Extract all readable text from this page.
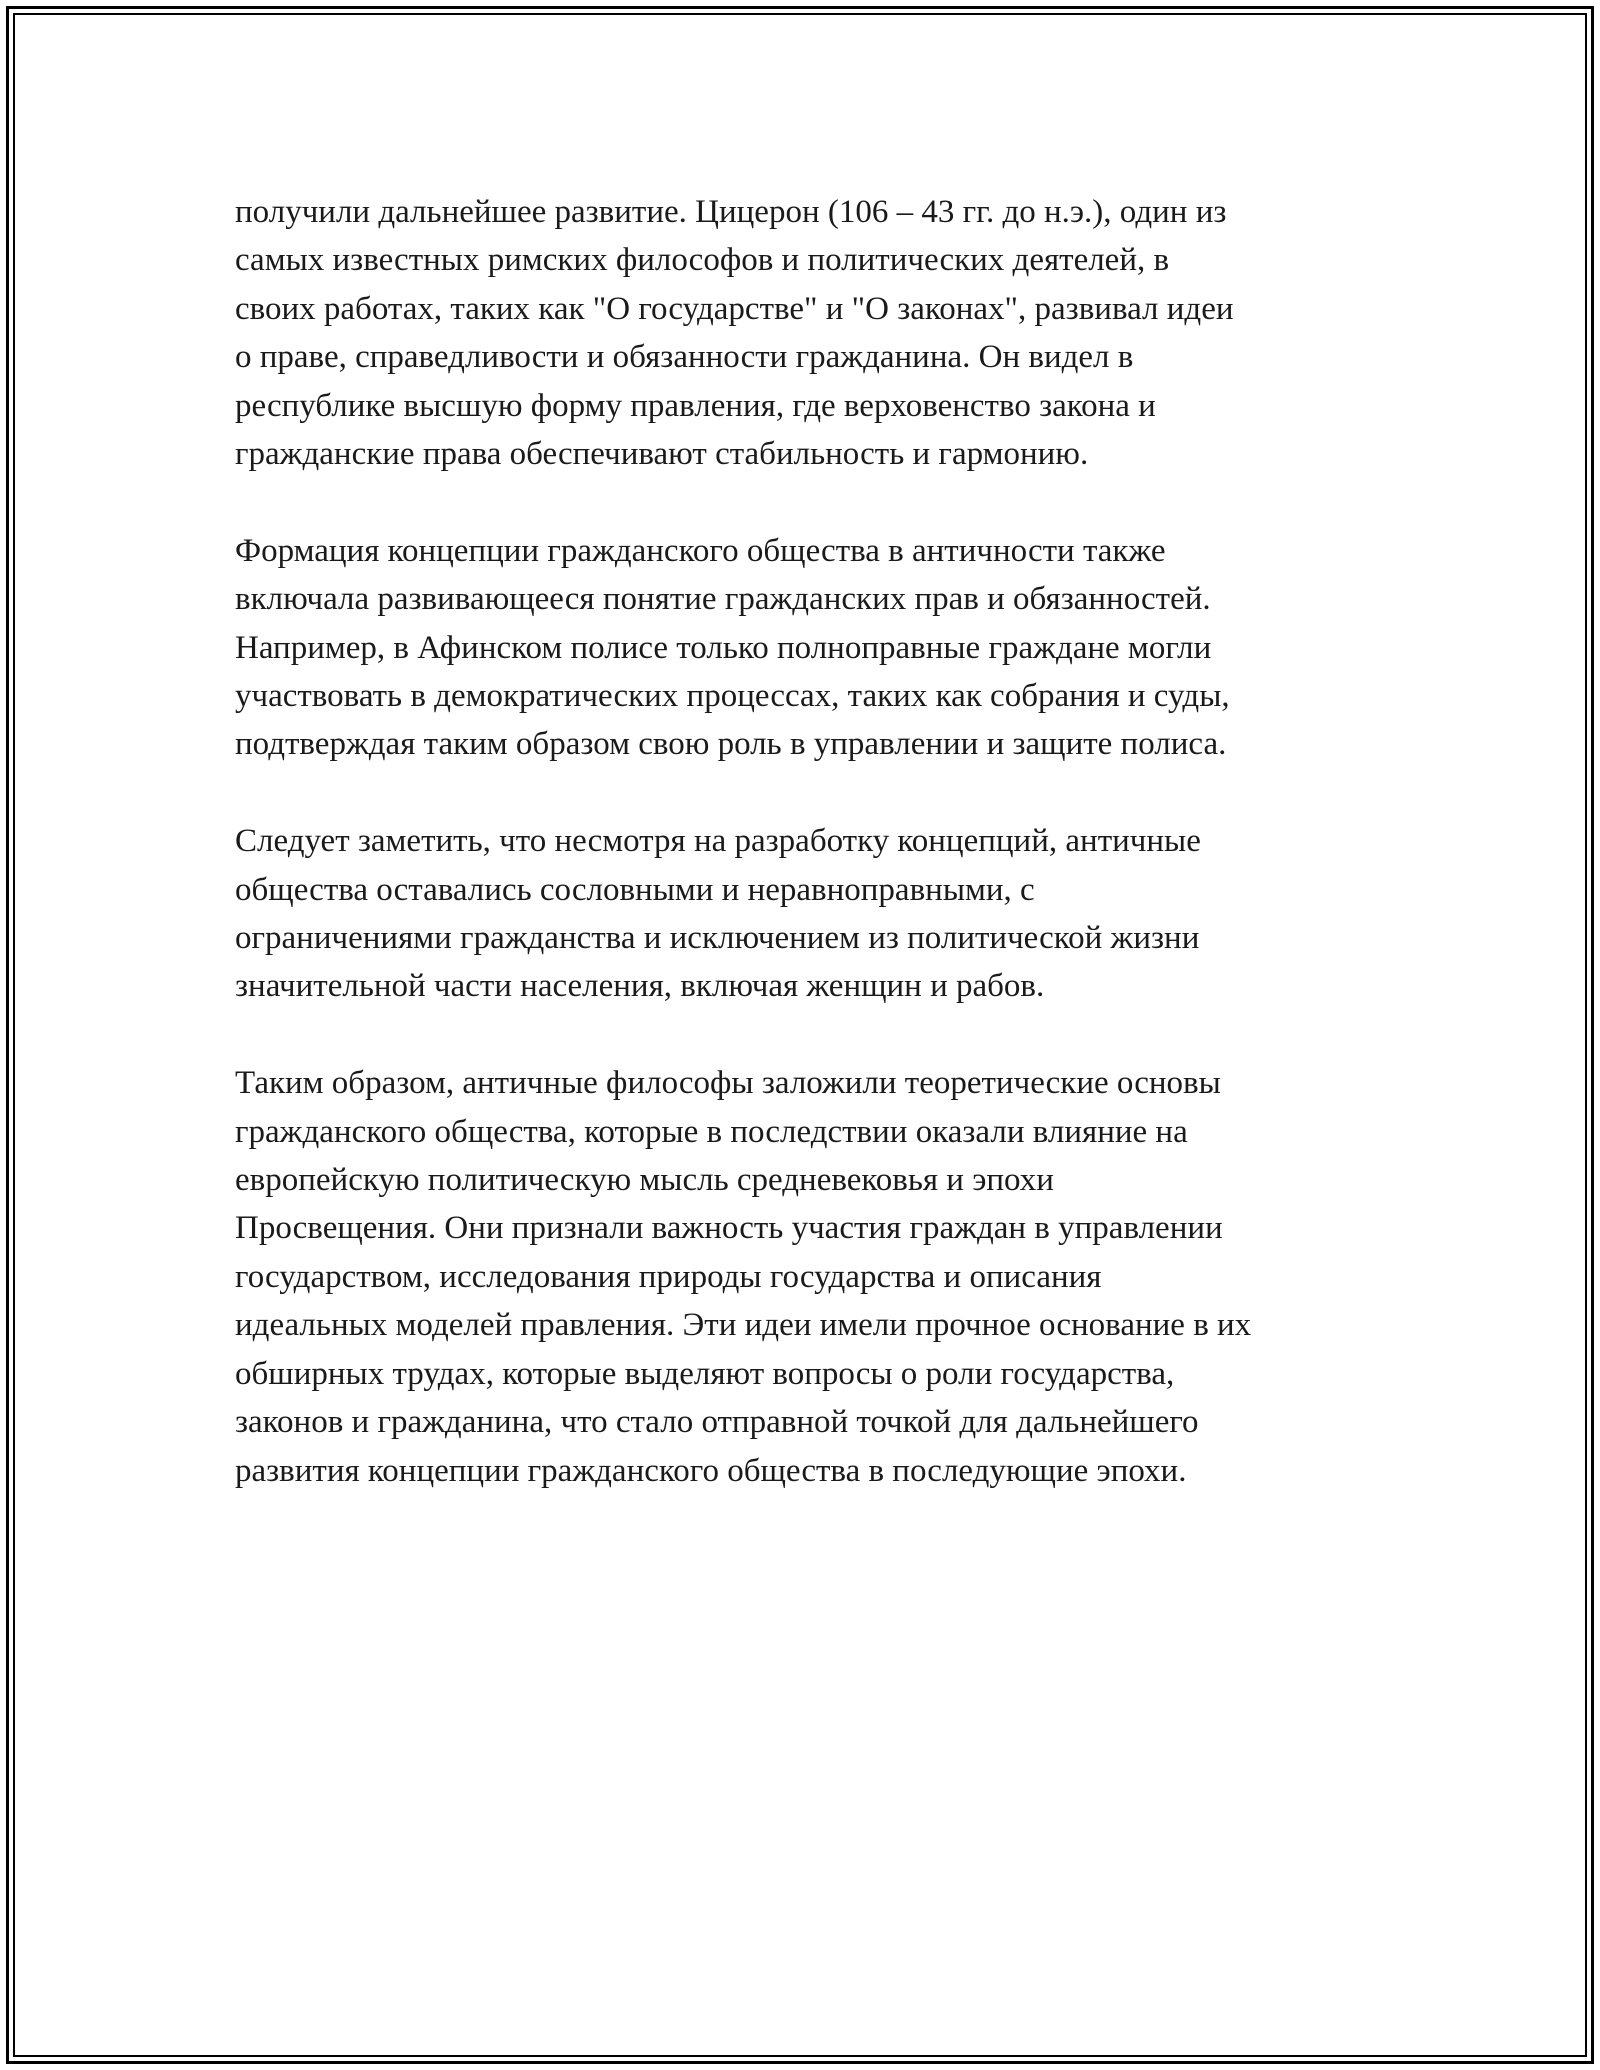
получили дальнейшее развитие. Цицерон (106 – 43 гг. до н.э.), один из
самых известных римских философов и политических деятелей, в
своих работах, таких как "О государстве" и "О законах", развивал идеи
о праве, справедливости и обязанности гражданина. Он видел в
республике высшую форму правления, где верховенство закона и
гражданские права обеспечивают стабильность и гармонию.
Формация концепции гражданского общества в античности также
включала развивающееся понятие гражданских прав и обязанностей.
Например, в Афинском полисе только полноправные граждане могли
участвовать в демократических процессах, таких как собрания и суды,
подтверждая таким образом свою роль в управлении и защите полиса.
Следует заметить, что несмотря на разработку концепций, античные
общества оставались сословными и неравноправными, с
ограничениями гражданства и исключением из политической жизни
значительной части населения, включая женщин и рабов.
Таким образом, античные философы заложили теоретические основы
гражданского общества, которые в последствии оказали влияние на
европейскую политическую мысль средневековья и эпохи
Просвещения. Они признали важность участия граждан в управлении
государством, исследования природы государства и описания
идеальных моделей правления. Эти идеи имели прочное основание в их
обширных трудах, которые выделяют вопросы о роли государства,
законов и гражданина, что стало отправной точкой для дальнейшего
развития концепции гражданского общества в последующие эпохи.
